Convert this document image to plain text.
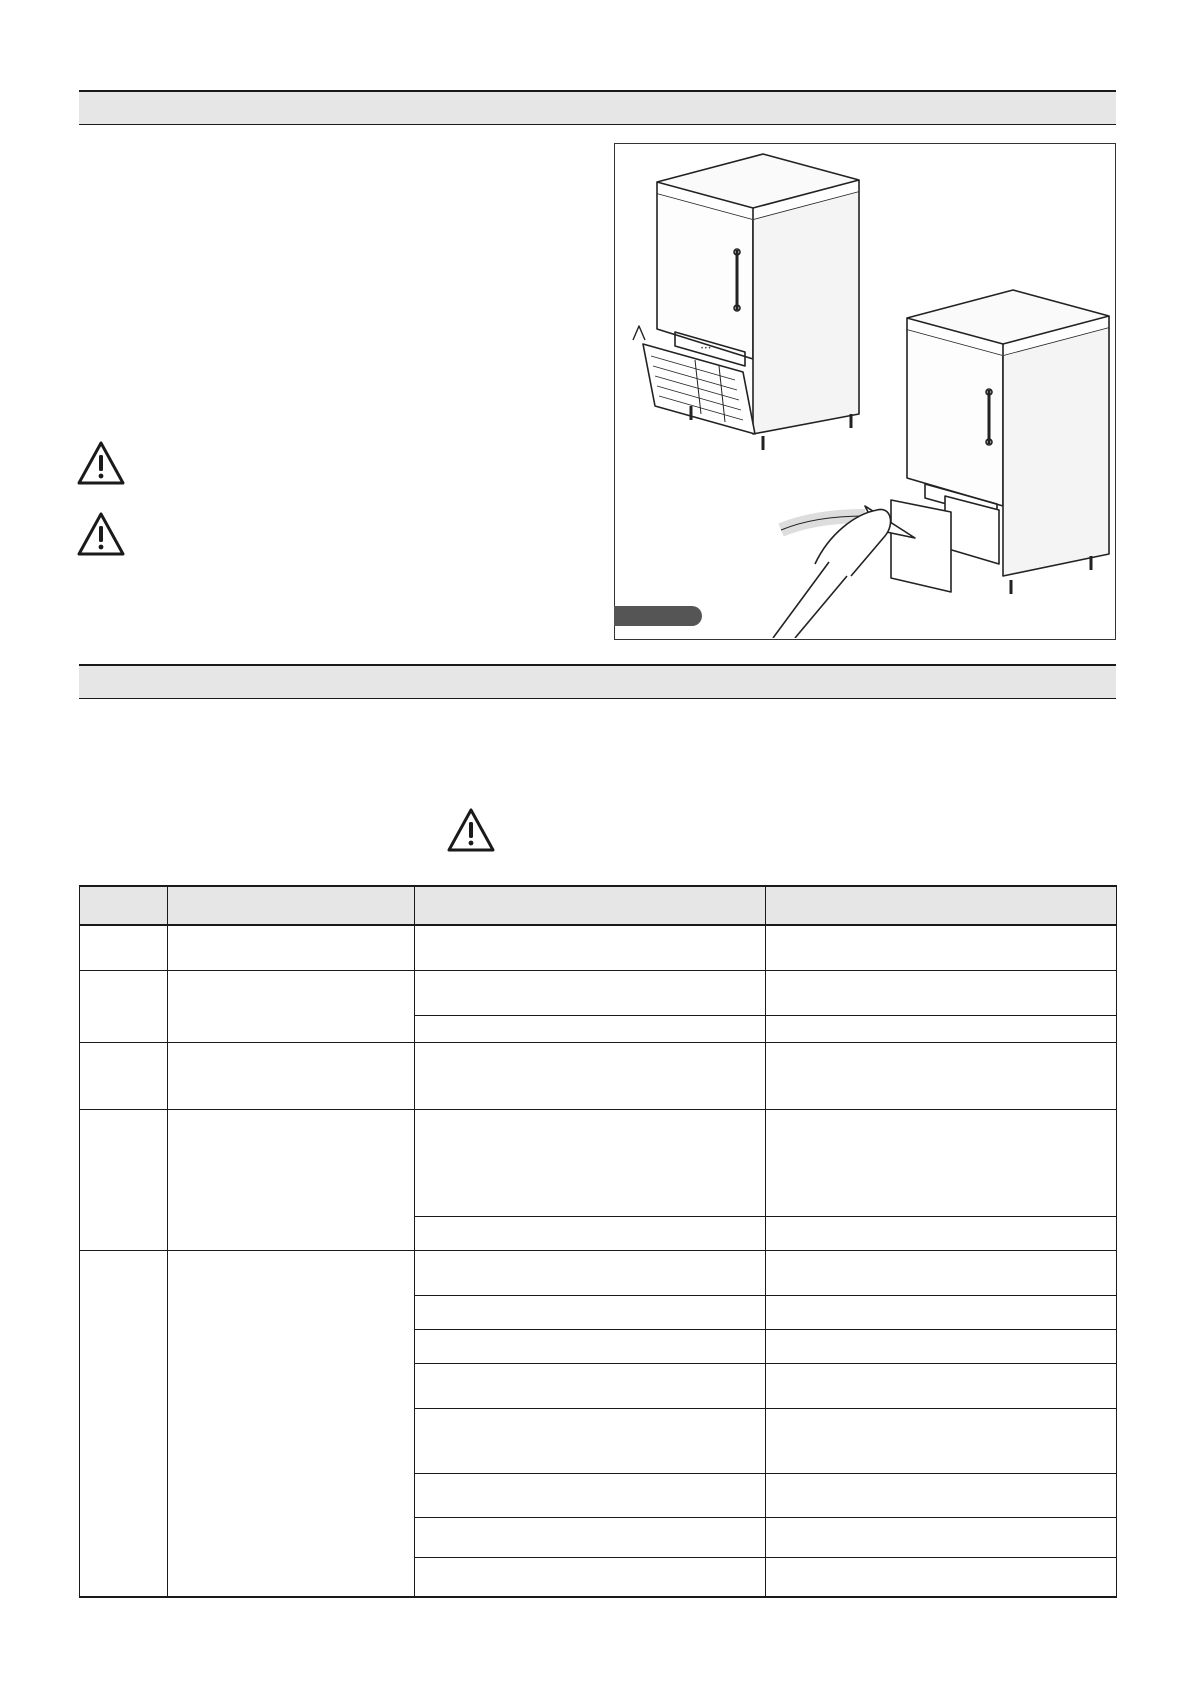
• • •
